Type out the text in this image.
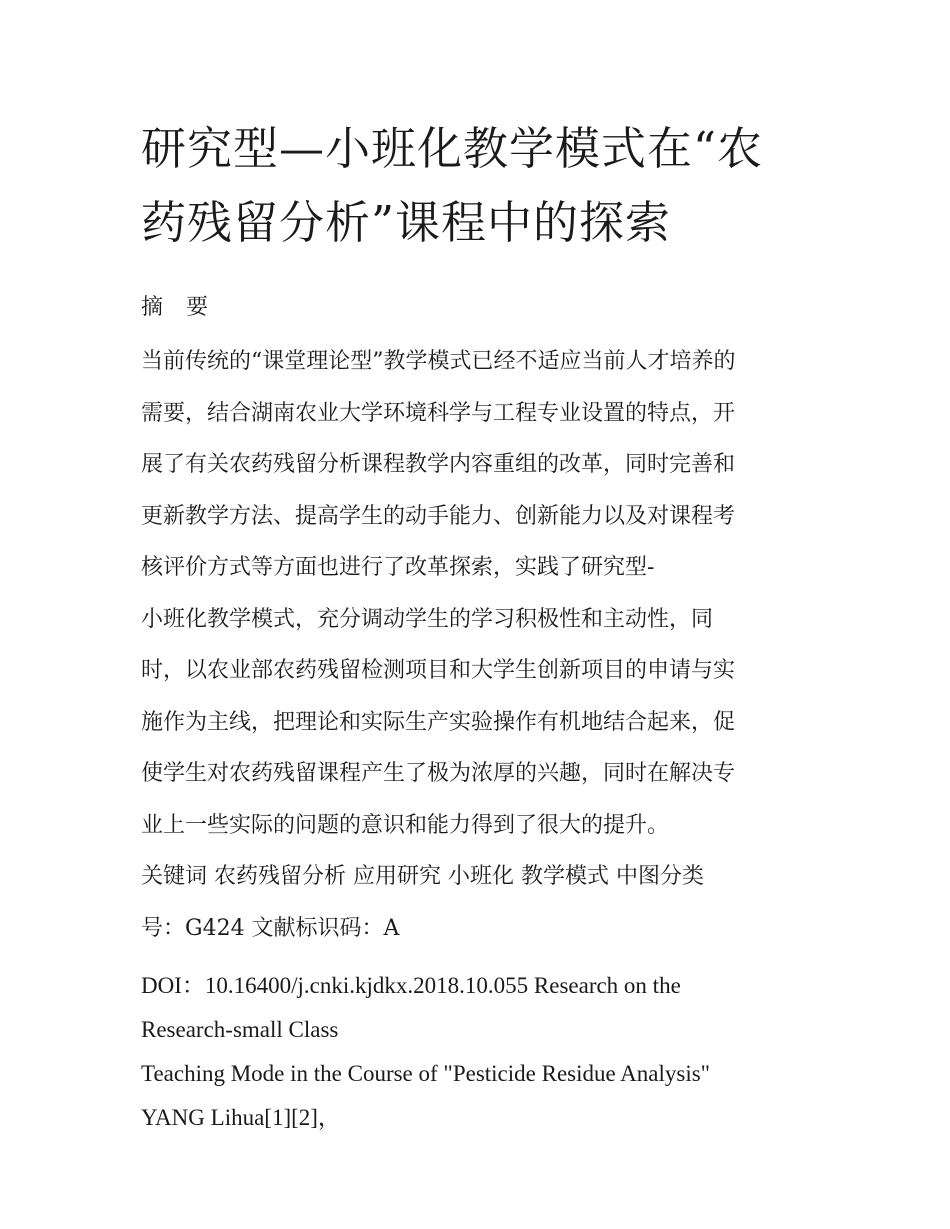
研究型—小班化教学模式在“农
药残留分析”课程中的探索
摘 要
当前传统的“课堂理论型”教学模式已经不适应当前人才培养的
需要，结合湖南农业大学环境科学与工程专业设置的特点，开
展了有关农药残留分析课程教学内容重组的改革，同时完善和
更新教学方法、提高学生的动手能力、创新能力以及对课程考
核评价方式等方面也进行了改革探索，实践了研究型-
小班化教学模式，充分调动学生的学习积极性和主动性，同
时，以农业部农药残留检测项目和大学生创新项目的申请与实
施作为主线，把理论和实际生产实验操作有机地结合起来，促
使学生对农药残留课程产生了极为浓厚的兴趣，同时在解决专
业上一些实际的问题的意识和能力得到了很大的提升。
关键词 农药残留分析 应用研究 小班化 教学模式 中图分类
号：G424 文献标识码：A
DOI：10.16400/j.cnki.kjdkx.2018.10.055 Research on the
Research-small Class
Teaching Mode in the Course of "Pesticide Residue Analysis"
YANG Lihua[1][2]，
